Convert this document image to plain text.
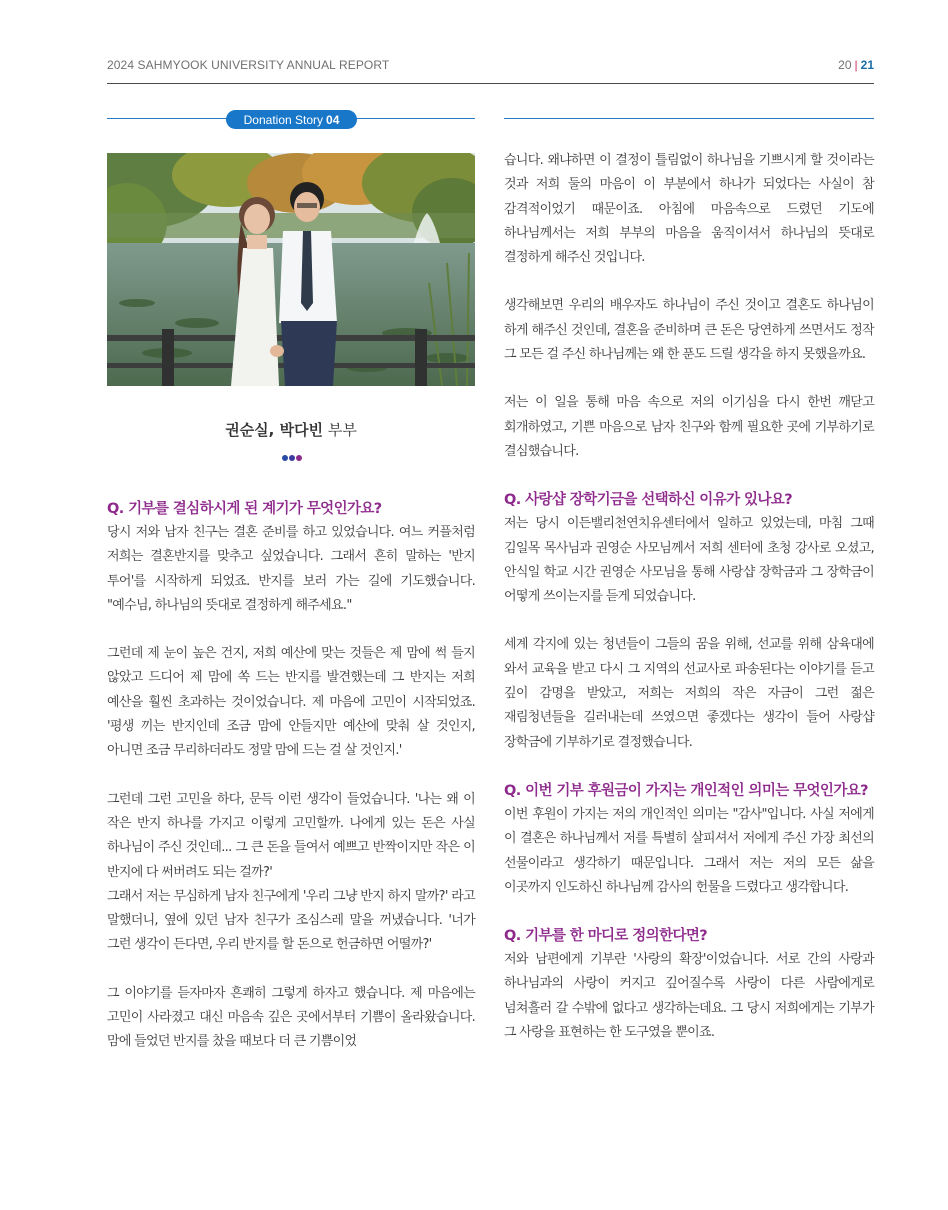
2024 SAHMYOOK UNIVERSITY ANNUAL REPORT	20 | 21
Donation Story 04
권순실, 박다빈 부부
Q. 기부를 결심하시게 된 계기가 무엇인가요?
당시 저와 남자 친구는 결혼 준비를 하고 있었습니다. 여느 커플처럼 저희는 결혼반지를 맞추고 싶었습니다. 그래서 흔히 말하는 '반지 투어'를 시작하게 되었죠. 반지를 보러 가는 길에 기도했습니다. "예수님, 하나님의 뜻대로 결정하게 해주세요."
그런데 제 눈이 높은 건지, 저희 예산에 맞는 것들은 제 맘에 썩 들지 않았고 드디어 제 맘에 쏙 드는 반지를 발견했는데 그 반지는 저희 예산을 훨씬 초과하는 것이었습니다. 제 마음에 고민이 시작되었죠. '평생 끼는 반지인데 조금 맘에 안들지만 예산에 맞춰 살 것인지, 아니면 조금 무리하더라도 정말 맘에 드는 걸 살 것인지.'
그런데 그런 고민을 하다, 문득 이런 생각이 들었습니다. '나는 왜 이 작은 반지 하나를 가지고 이렇게 고민할까. 나에게 있는 돈은 사실 하나님이 주신 것인데... 그 큰 돈을 들여서 예쁘고 반짝이지만 작은 이 반지에 다 써버려도 되는 걸까?'
그래서 저는 무심하게 남자 친구에게 '우리 그냥 반지 하지 말까?' 라고 말했더니, 옆에 있던 남자 친구가 조심스레 말을 꺼냈습니다. '너가 그런 생각이 든다면, 우리 반지를 할 돈으로 헌금하면 어떨까?'
그 이야기를 듣자마자 흔쾌히 그렇게 하자고 했습니다. 제 마음에는 고민이 사라졌고 대신 마음속 깊은 곳에서부터 기쁨이 올라왔습니다. 맘에 들었던 반지를 찼을 때보다 더 큰 기쁨이었
습니다. 왜냐하면 이 결정이 틀림없이 하나님을 기쁘시게 할 것이라는 것과 저희 둘의 마음이 이 부분에서 하나가 되었다는 사실이 참 감격적이었기 때문이죠. 아침에 마음속으로 드렸던 기도에 하나님께서는 저희 부부의 마음을 움직이셔서 하나님의 뜻대로 결정하게 해주신 것입니다.
생각해보면 우리의 배우자도 하나님이 주신 것이고 결혼도 하나님이 하게 해주신 것인데, 결혼을 준비하며 큰 돈은 당연하게 쓰면서도 정작 그 모든 걸 주신 하나님께는 왜 한 푼도 드릴 생각을 하지 못했을까요.
저는 이 일을 통해 마음 속으로 저의 이기심을 다시 한번 깨닫고 회개하였고, 기쁜 마음으로 남자 친구와 함께 필요한 곳에 기부하기로 결심했습니다.
Q. 사랑샵 장학기금을 선택하신 이유가 있나요?
저는 당시 이든밸리천연치유센터에서 일하고 있었는데, 마침 그때 김일목 목사님과 권영순 사모님께서 저희 센터에 초청 강사로 오셨고, 안식일 학교 시간 권영순 사모님을 통해 사랑샵 장학금과 그 장학금이 어떻게 쓰이는지를 듣게 되었습니다.
세계 각지에 있는 청년들이 그들의 꿈을 위해, 선교를 위해 삼육대에 와서 교육을 받고 다시 그 지역의 선교사로 파송된다는 이야기를 듣고 깊이 감명을 받았고, 저희는 저희의 작은 자금이 그런 젊은 재림청년들을 길러내는데 쓰였으면 좋겠다는 생각이 들어 사랑샵 장학금에 기부하기로 결정했습니다.
Q. 이번 기부 후원금이 가지는 개인적인 의미는 무엇인가요?
이번 후원이 가지는 저의 개인적인 의미는 "감사"입니다. 사실 저에게 이 결혼은 하나님께서 저를 특별히 살피셔서 저에게 주신 가장 최선의 선물이라고 생각하기 때문입니다. 그래서 저는 저의 모든 삶을 이곳까지 인도하신 하나님께 감사의 헌물을 드렸다고 생각합니다.
Q. 기부를 한 마디로 정의한다면?
저와 남편에게 기부란 '사랑의 확장'이었습니다. 서로 간의 사랑과 하나님과의 사랑이 커지고 깊어질수록 사랑이 다른 사람에게로 넘쳐흘러 갈 수밖에 없다고 생각하는데요. 그 당시 저희에게는 기부가 그 사랑을 표현하는 한 도구였을 뿐이죠.
